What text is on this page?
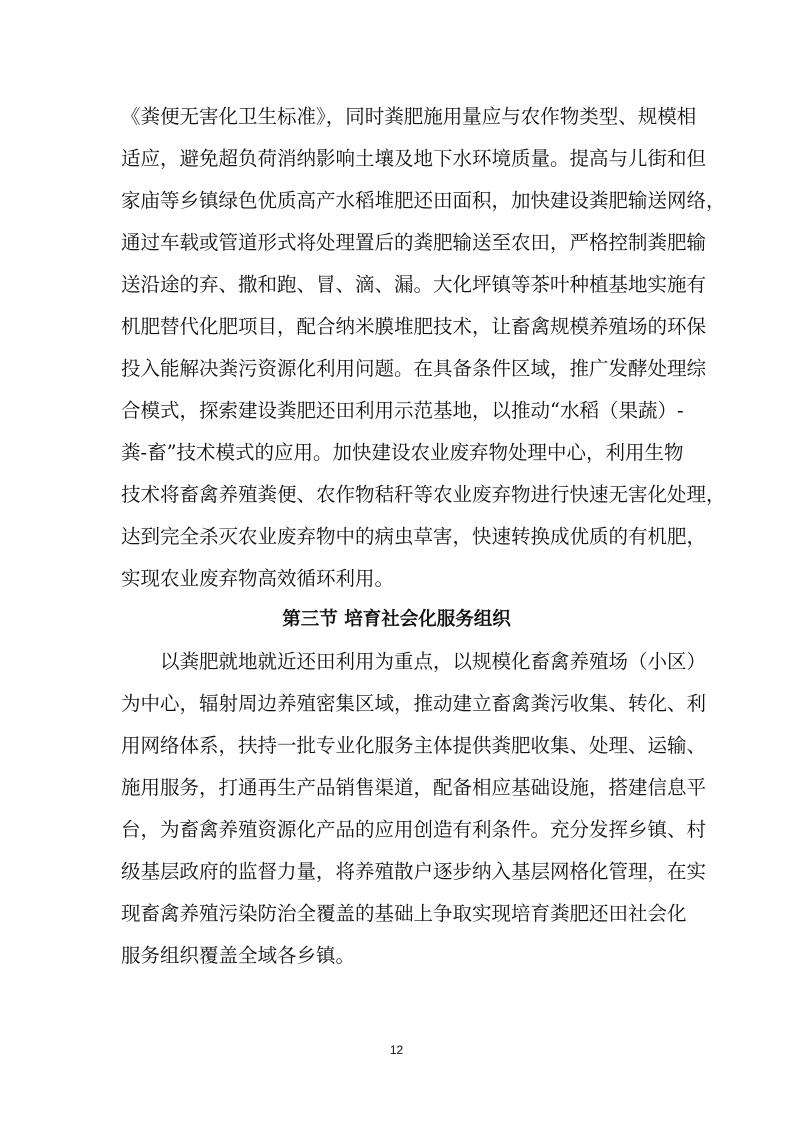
《粪便无害化卫生标准》，同时粪肥施用量应与农作物类型、规模相
适应，避免超负荷消纳影响土壤及地下水环境质量。提高与儿街和但
家庙等乡镇绿色优质高产水稻堆肥还田面积，加快建设粪肥输送网络，
通过车载或管道形式将处理置后的粪肥输送至农田，严格控制粪肥输
送沿途的弃、撒和跑、冒、滴、漏。大化坪镇等茶叶种植基地实施有
机肥替代化肥项目，配合纳米膜堆肥技术，让畜禽规模养殖场的环保
投入能解决粪污资源化利用问题。在具备条件区域，推广发酵处理综
合模式，探索建设粪肥还田利用示范基地，以推动“水稻（果蔬）-
粪-畜”技术模式的应用。加快建设农业废弃物处理中心，利用生物
技术将畜禽养殖粪便、农作物秸秆等农业废弃物进行快速无害化处理，
达到完全杀灭农业废弃物中的病虫草害，快速转换成优质的有机肥，
实现农业废弃物高效循环利用。
第三节 培育社会化服务组织
以粪肥就地就近还田利用为重点，以规模化畜禽养殖场（小区）
为中心，辐射周边养殖密集区域，推动建立畜禽粪污收集、转化、利
用网络体系，扶持一批专业化服务主体提供粪肥收集、处理、运输、
施用服务，打通再生产品销售渠道，配备相应基础设施，搭建信息平
台，为畜禽养殖资源化产品的应用创造有利条件。充分发挥乡镇、村
级基层政府的监督力量，将养殖散户逐步纳入基层网格化管理，在实
现畜禽养殖污染防治全覆盖的基础上争取实现培育粪肥还田社会化
服务组织覆盖全域各乡镇。
12
